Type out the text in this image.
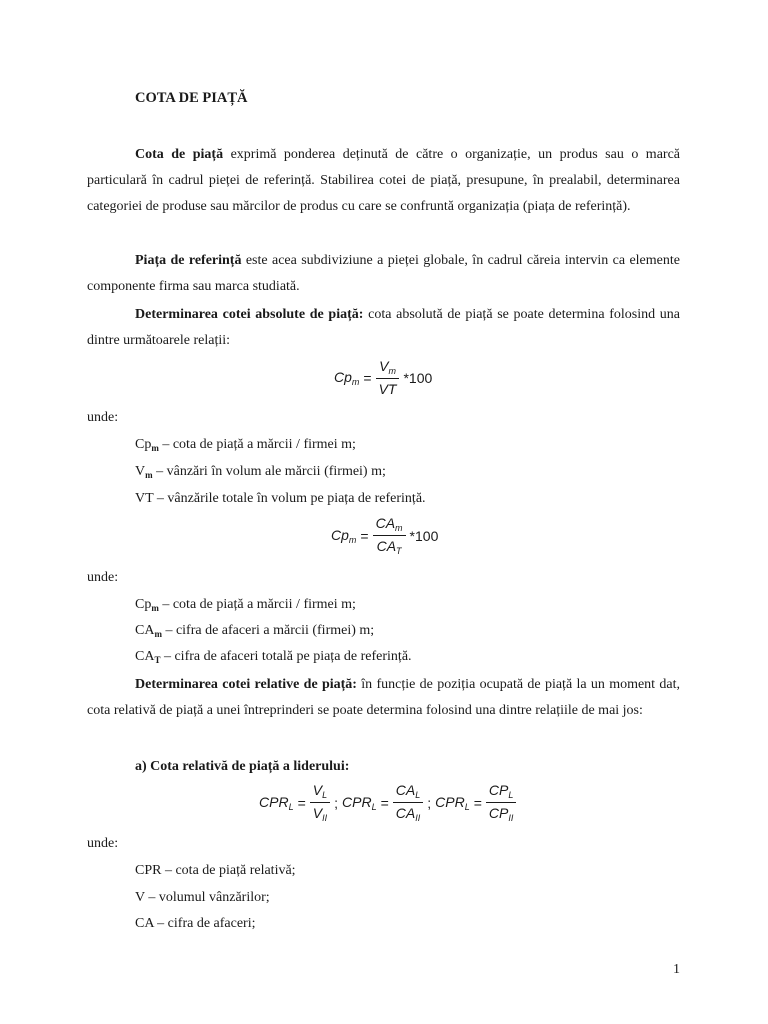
COTA DE PIAȚĂ

Cota de piață exprimă ponderea deținută de către o organizație, un produs sau o marcă particulară în cadrul pieței de referință. Stabilirea cotei de piață, presupune, în prealabil, determinarea categoriei de produse sau mărcilor de produs cu care se confruntă organizația (piața de referință).

Piața de referință este acea subdiviziune a pieței globale, în cadrul căreia intervin ca elemente componente firma sau marca studiată.

Determinarea cotei absolute de piață: cota absolută de piață se poate determina folosind una dintre următoarele relații:

$Cp_m = \frac{V_m}{VT} *100$
unde:
$Cp_m$ – cota de piață a mărcii / firmei m;
$V_m$ – vânzări în volum ale mărcii (firmei) m;
VT – vânzările totale în volum pe piața de referință.
$Cp_m = \frac{CA_m}{CA_T} *100$
unde:
$Cp_m$ – cota de piață a mărcii / firmei m;
$CA_m$ – cifra de afaceri a mărcii (firmei) m;
$CA_T$ – cifra de afaceri totală pe piața de referință.

Determinarea cotei relative de piață: în funcție de poziția ocupată de piață la un moment dat, cota relativă de piață a unei întreprinderi se poate determina folosind una dintre relațiile de mai jos:

a) Cota relativă de piață a liderului:
$CPR_L = \frac{V_L}{V_{II}}$ ; $CPR_L = \frac{CA_L}{CA_{II}}$ ; $CPR_L = \frac{CP_L}{CP_{II}}$
unde:
CPR – cota de piață relativă;
V – volumul vânzărilor;
CA – cifra de afaceri;
1
